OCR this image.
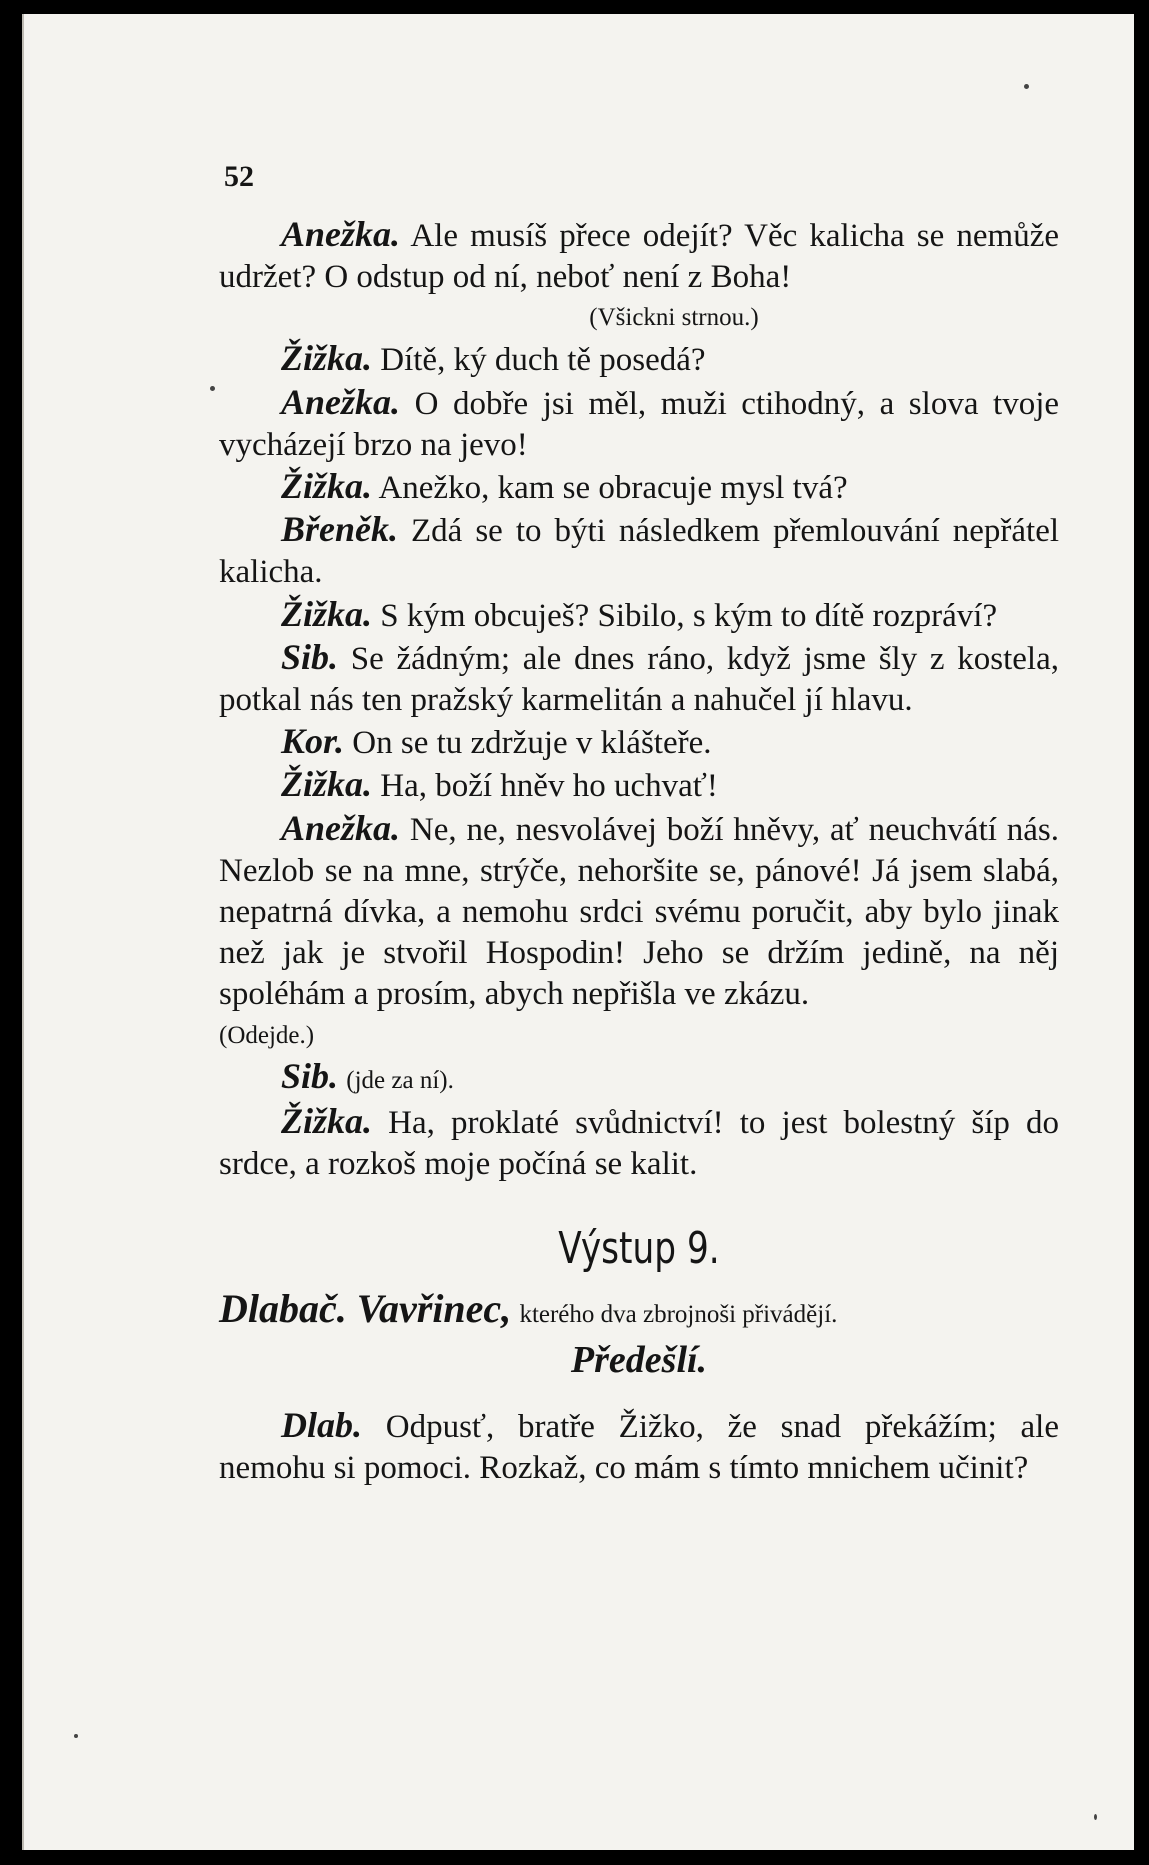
52

Anežka. Ale musíš přece odejít? Věc kalicha se nemůže udržet? O odstup od ní, neboť není z Boha!

(Všickni strnou.)

Žižka. Dítě, ký duch tě posedá?

Anežka. O dobře jsi měl, muži ctihodný, a slova tvoje vycházejí brzo na jevo!

Žižka. Anežko, kam se obracuje mysl tvá?

Břeněk. Zdá se to býti následkem přemlouvání nepřátel kalicha.

Žižka. S kým obcuješ? Sibilo, s kým to dítě rozpráví?

Sib. Se žádným; ale dnes ráno, když jsme šly z kostela, potkal nás ten pražský karmelitán a nahučel jí hlavu.

Kor. On se tu zdržuje v klášteře.

Žižka. Ha, boží hněv ho uchvať!

Anežka. Ne, ne, nesvolávej boží hněvy, ať neuchvátí nás. Nezlob se na mne, strýče, nehoršite se, pánové! Já jsem slabá, nepatrná dívka, a nemohu srdci svému poručit, aby bylo jinak než jak je stvořil Hospodin! Jeho se držím jedině, na něj spoléhám a prosím, abych nepřišla ve zkázu.

(Odejde.)

Sib. (jde za ní).

Žižka. Ha, proklaté svůdnictví! to jest bolestný šíp do srdce, a rozkoš moje počíná se kalit.

Výstup 9.

Dlabač. Vavřinec, kterého dva zbrojnoši přivádějí.

Předešlí.

Dlab. Odpusť, bratře Žižko, že snad překážím; ale nemohu si pomoci. Rozkaž, co mám s tímto mnichem učinit?
